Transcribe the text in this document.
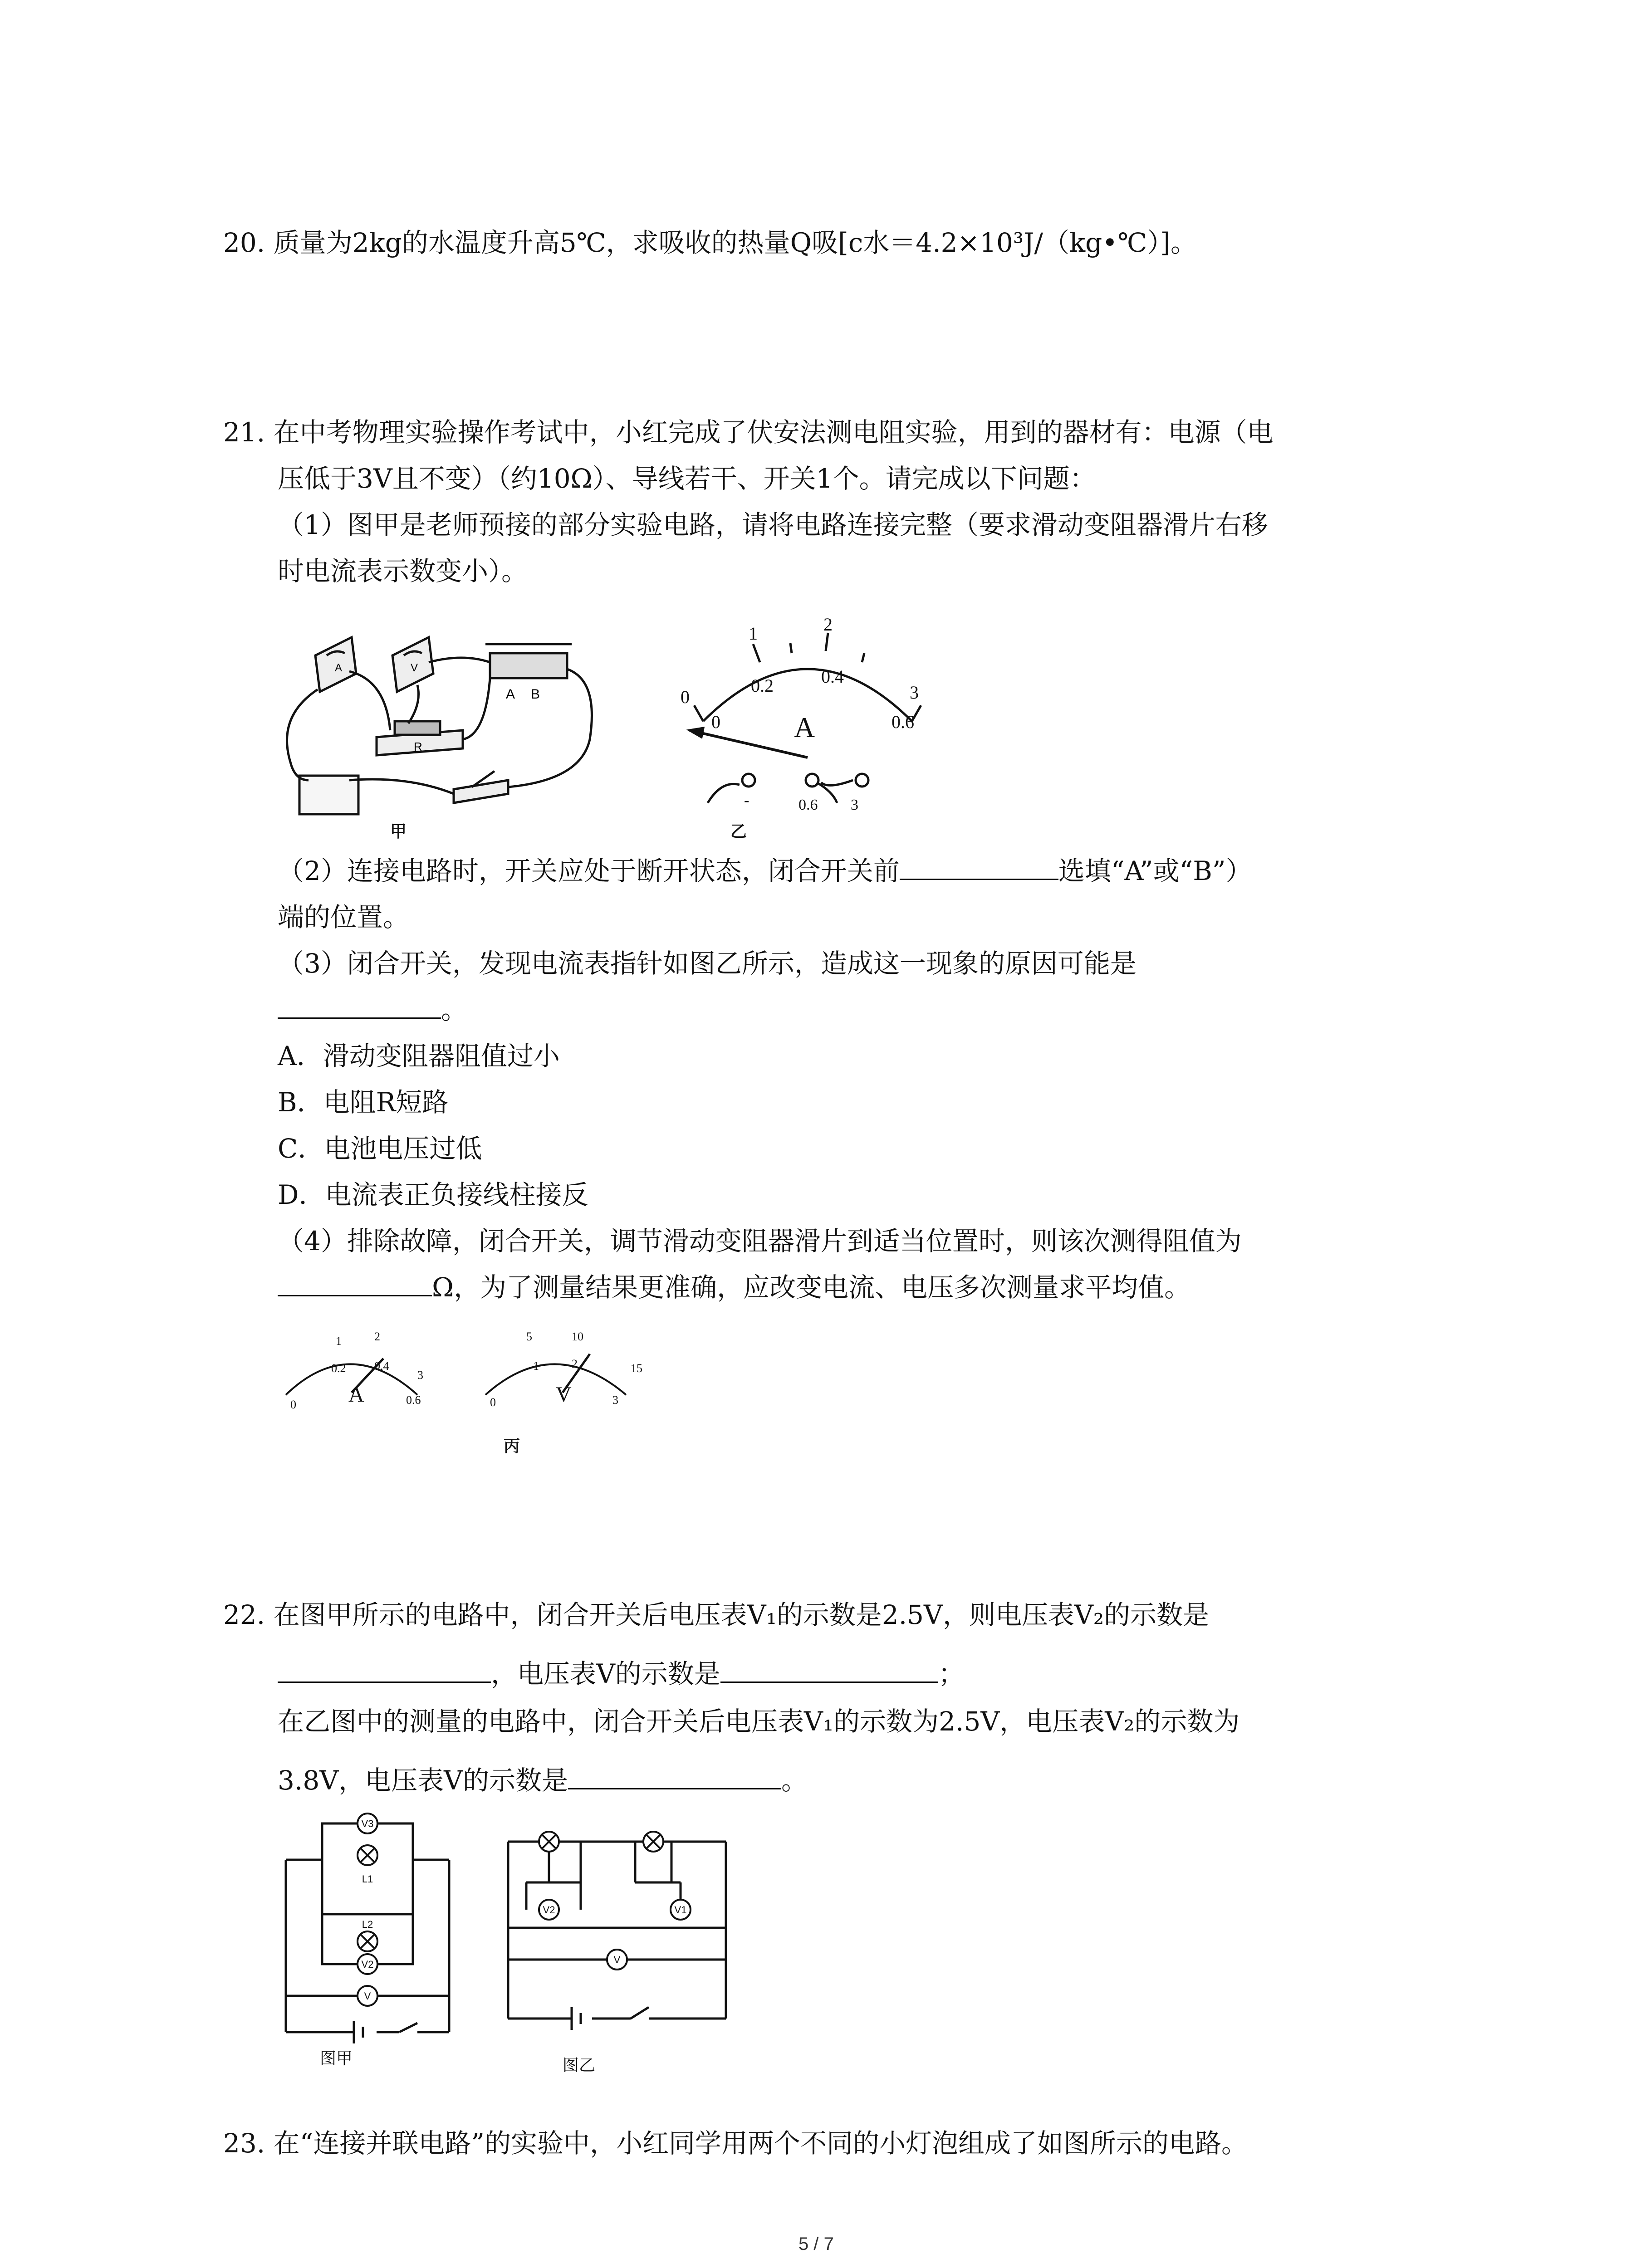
20. 质量为2kg的水温度升高5℃，求吸收的热量Q吸[c水＝4.2×10³J/（kg•℃）]。
21. 在中考物理实验操作考试中，小红完成了伏安法测电阻实验，用到的器材有：电源（电
压低于3V且不变）（约10Ω）、导线若干、开关1个。请完成以下问题：
（1）图甲是老师预接的部分实验电路，请将电路连接完整（要求滑动变阻器滑片右移
时电流表示数变小）。
A	V
R
A B
甲
0
1	2
3
0.2	0.4
0.6
0	A
-	0.6 3
乙
（2）连接电路时，开关应处于断开状态，闭合开关前	选填“A”或“B”）
端的位置。
（3）闭合开关，发现电流表指针如图乙所示，造成这一现象的原因可能是
。
A．滑动变阻器阻值过小
B．电阻R短路
C．电池电压过低
D．电流表正负接线柱接反
（4）排除故障，闭合开关，调节滑动变阻器滑片到适当位置时，则该次测得阻值为
Ω，为了测量结果更准确，应改变电流、电压多次测量求平均值。
1	2
3
0
0.2 0.4
0.6
A
5	10
15
0
1	2
3
V
丙
22. 在图甲所示的电路中，闭合开关后电压表V₁的示数是2.5V，则电压表V₂的示数是
，电压表V的示数是	；
在乙图中的测量的电路中，闭合开关后电压表V₁的示数为2.5V，电压表V₂的示数为
3.8V，电压表V的示数是	。
V3
L1
L2
V2
V
图甲
V2	V1
V
图乙
23. 在“连接并联电路”的实验中，小红同学用两个不同的小灯泡组成了如图所示的电路。
5 / 7
